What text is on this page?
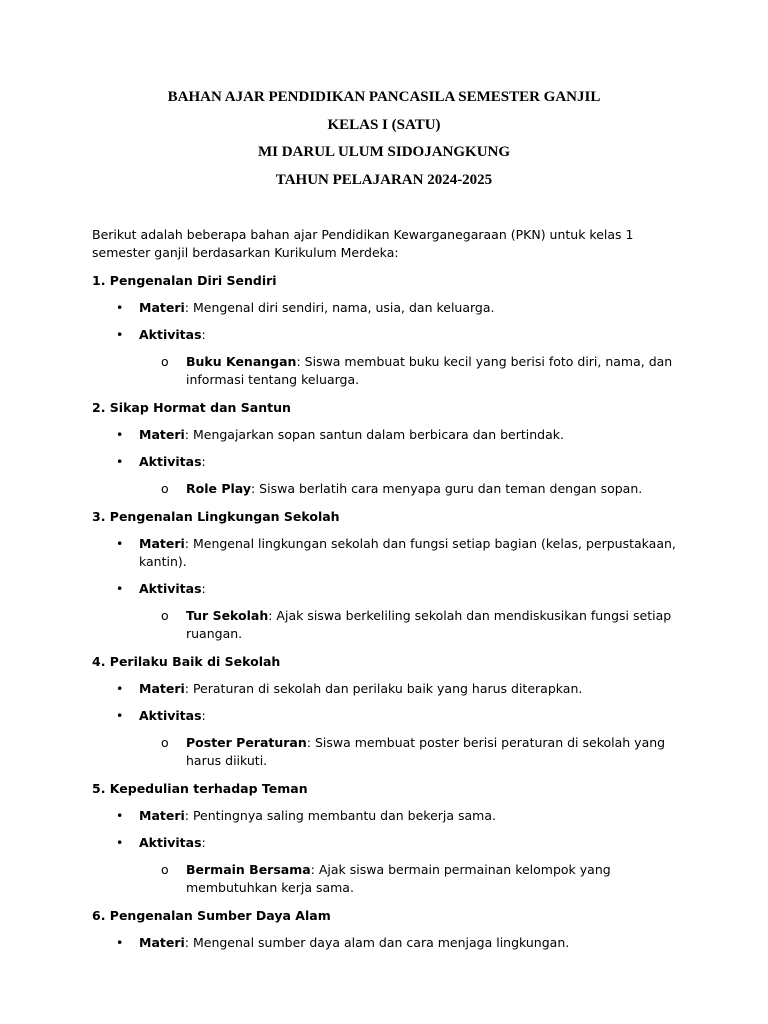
BAHAN AJAR PENDIDIKAN PANCASILA SEMESTER GANJIL
KELAS I (SATU)
MI DARUL ULUM SIDOJANGKUNG
TAHUN PELAJARAN 2024-2025

Berikut adalah beberapa bahan ajar Pendidikan Kewarganegaraan (PKN) untuk kelas 1 semester ganjil berdasarkan Kurikulum Merdeka:

1. Pengenalan Diri Sendiri
• Materi: Mengenal diri sendiri, nama, usia, dan keluarga.
• Aktivitas:
o Buku Kenangan: Siswa membuat buku kecil yang berisi foto diri, nama, dan informasi tentang keluarga.
2. Sikap Hormat dan Santun
• Materi: Mengajarkan sopan santun dalam berbicara dan bertindak.
• Aktivitas:
o Role Play: Siswa berlatih cara menyapa guru dan teman dengan sopan.
3. Pengenalan Lingkungan Sekolah
• Materi: Mengenal lingkungan sekolah dan fungsi setiap bagian (kelas, perpustakaan, kantin).
• Aktivitas:
o Tur Sekolah: Ajak siswa berkeliling sekolah dan mendiskusikan fungsi setiap ruangan.
4. Perilaku Baik di Sekolah
• Materi: Peraturan di sekolah dan perilaku baik yang harus diterapkan.
• Aktivitas:
o Poster Peraturan: Siswa membuat poster berisi peraturan di sekolah yang harus diikuti.
5. Kepedulian terhadap Teman
• Materi: Pentingnya saling membantu dan bekerja sama.
• Aktivitas:
o Bermain Bersama: Ajak siswa bermain permainan kelompok yang membutuhkan kerja sama.
6. Pengenalan Sumber Daya Alam
• Materi: Mengenal sumber daya alam dan cara menjaga lingkungan.
